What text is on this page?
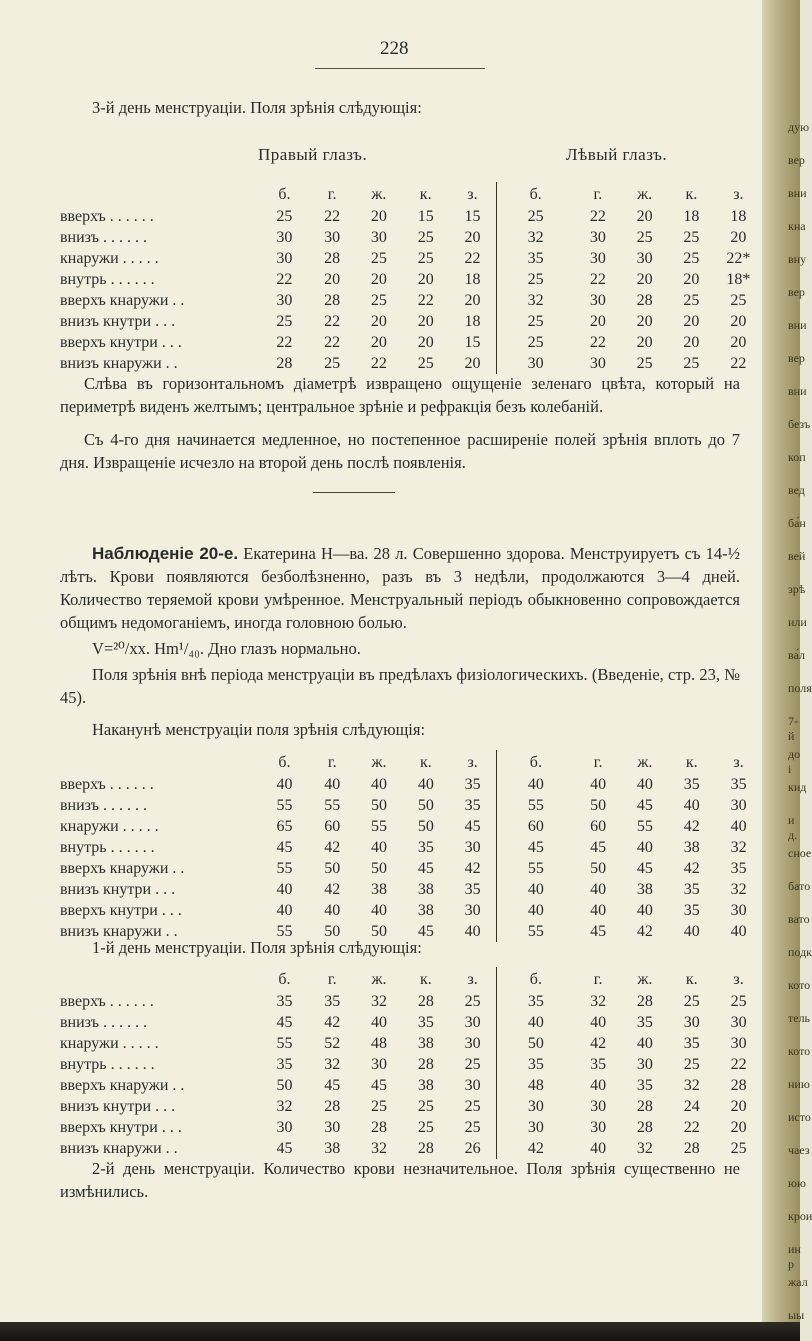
228
3-й день менструаціи. Поля зрѣнія слѣдующія:
Правый глазъ.	Лѣвый глазъ.
	б.	г.	ж.	к.	з.	б.	г.	ж.	к.	з.
вверхъ . . . . . .	25	22	20	15	15	25	22	20	18	18
внизъ . . . . . .	30	30	30	25	20	32	30	25	25	20
кнаружи . . . . .	30	28	25	25	22	35	30	30	25	22*
внутрь . . . . . .	22	20	20	20	18	25	22	20	20	18*
вверхъ кнаружи . .	30	28	25	22	20	32	30	28	25	25
внизъ кнутри . . .	25	22	20	20	18	25	20	20	20	20
вверхъ кнутри . . .	22	22	20	20	15	25	22	20	20	20
внизъ кнаружи . .	28	25	22	25	20	30	30	25	25	22
Слѣва въ горизонтальномъ діаметрѣ извращено ощущеніе зеленаго цвѣта, который на периметрѣ виденъ желтымъ; центральное зрѣніе и рефракція безъ колебаній.
Съ 4-го дня начинается медленное, но постепенное расширеніе полей зрѣнія вплоть до 7 дня. Извращеніе исчезло на второй день послѣ появленія.
Наблюденіе 20-е. Екатерина Н—ва. 28 л. Совершенно здорова. Менструируетъ съ 14-½ лѣтъ. Крови появляются безболѣзненно, разъ въ 3 недѣли, продолжаются 3—4 дней. Количество теряемой крови умѣренное. Менструальный періодъ обыкновенно сопровождается общимъ недомоганіемъ, иногда головною болью.
V=²⁰/xx. Hm¹/₄₀. Дно глазъ нормально.
Поля зрѣнія внѣ періода менструаціи въ предѣлахъ физіологическихъ. (Введеніе, стр. 23, № 45).
Наканунѣ менструаціи поля зрѣнія слѣдующія:
	б.	г.	ж.	к.	з.	б.	г.	ж.	к.	з.
вверхъ . . . . . .	40	40	40	40	35	40	40	40	35	35
внизъ . . . . . .	55	55	50	50	35	55	50	45	40	30
кнаружи . . . . .	65	60	55	50	45	60	60	55	42	40
внутрь . . . . . .	45	42	40	35	30	45	45	40	38	32
вверхъ кнаружи . .	55	50	50	45	42	55	50	45	42	35
внизъ кнутри . . .	40	42	38	38	35	40	40	38	35	32
вверхъ кнутри . . .	40	40	40	38	30	40	40	40	35	30
внизъ кнаружи . .	55	50	50	45	40	55	45	42	40	40
1-й день менструаціи. Поля зрѣнія слѣдующія:
	б.	г.	ж.	к.	з.	б.	г.	ж.	к.	з.
вверхъ . . . . . .	35	35	32	28	25	35	32	28	25	25
внизъ . . . . . .	45	42	40	35	30	40	40	35	30	30
кнаружи . . . . .	55	52	48	38	30	50	42	40	35	30
внутрь . . . . . .	35	32	30	28	25	35	35	30	25	22
вверхъ кнаружи . .	50	45	45	38	30	48	40	35	32	28
внизъ кнутри . . .	32	28	25	25	25	30	30	28	24	20
вверхъ кнутри . . .	30	30	28	25	25	30	30	28	22	20
внизъ кнаружи . .	45	38	32	28	26	42	40	32	28	25
2-й день менструаціи. Количество крови незначительное. Поля зрѣнія существенно не измѣнились.
дую
вер
вни
кна
вну
вер
вни
вер
вни
безъ
коп
вед
ба́н
вей
зрѣ
или
ва́л
поля
7-й
до і
кид
и д.
сное
бато
вато
подк
кото
тель
кото
нию
исто
чаез
юю
крои
ин р
жал
ыы
